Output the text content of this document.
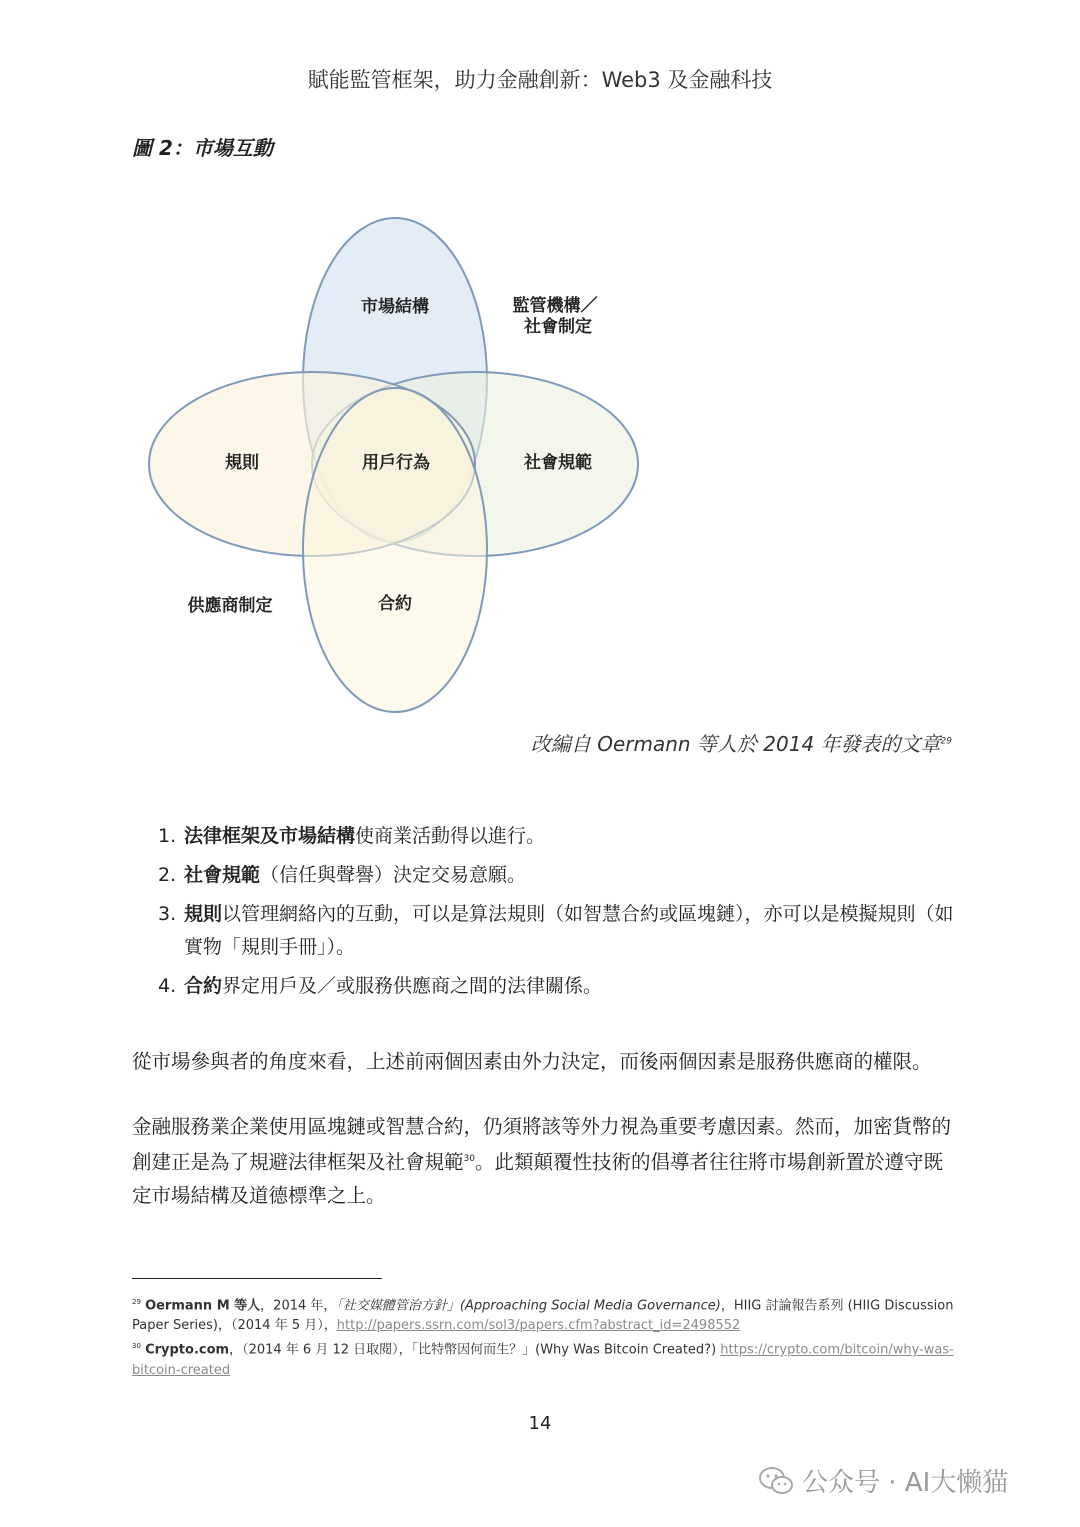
賦能監管框架，助力金融創新：Web3 及金融科技
圖 2：市場互動
市場結構	監管機構／
社會制定
規則	用戶行為	社會規範
供應商制定	合約
改編自 Oermann 等人於 2014 年發表的文章$^{29}$
1. 法律框架及市場結構使商業活動得以進行。
2. 社會規範（信任與聲譽）決定交易意願。
3. 規則以管理網絡內的互動，可以是算法規則（如智慧合約或區塊鏈），亦可以是模擬規則（如實物「規則手冊」）。
4. 合約界定用戶及／或服務供應商之間的法律關係。
從市場參與者的角度來看，上述前兩個因素由外力決定，而後兩個因素是服務供應商的權限。
金融服務業企業使用區塊鏈或智慧合約，仍須將該等外力視為重要考慮因素。然而，加密貨幣的創建正是為了規避法律框架及社會規範$^{30}$。此類顛覆性技術的倡導者往往將市場創新置於遵守既定市場結構及道德標準之上。
$^{29}$ Oermann M 等人，2014 年，「社交媒體管治方針」(Approaching Social Media Governance)，HIIG 討論報告系列 (HIIG Discussion Paper Series)，（2014 年 5 月），http://papers.ssrn.com/sol3/papers.cfm?abstract_id=2498552
$^{30}$ Crypto.com，（2014 年 6 月 12 日取閱），「比特幣因何而生？」(Why Was Bitcoin Created?) https://crypto.com/bitcoin/why-was-bitcoin-created
14
公众号 · AI大懒猫
